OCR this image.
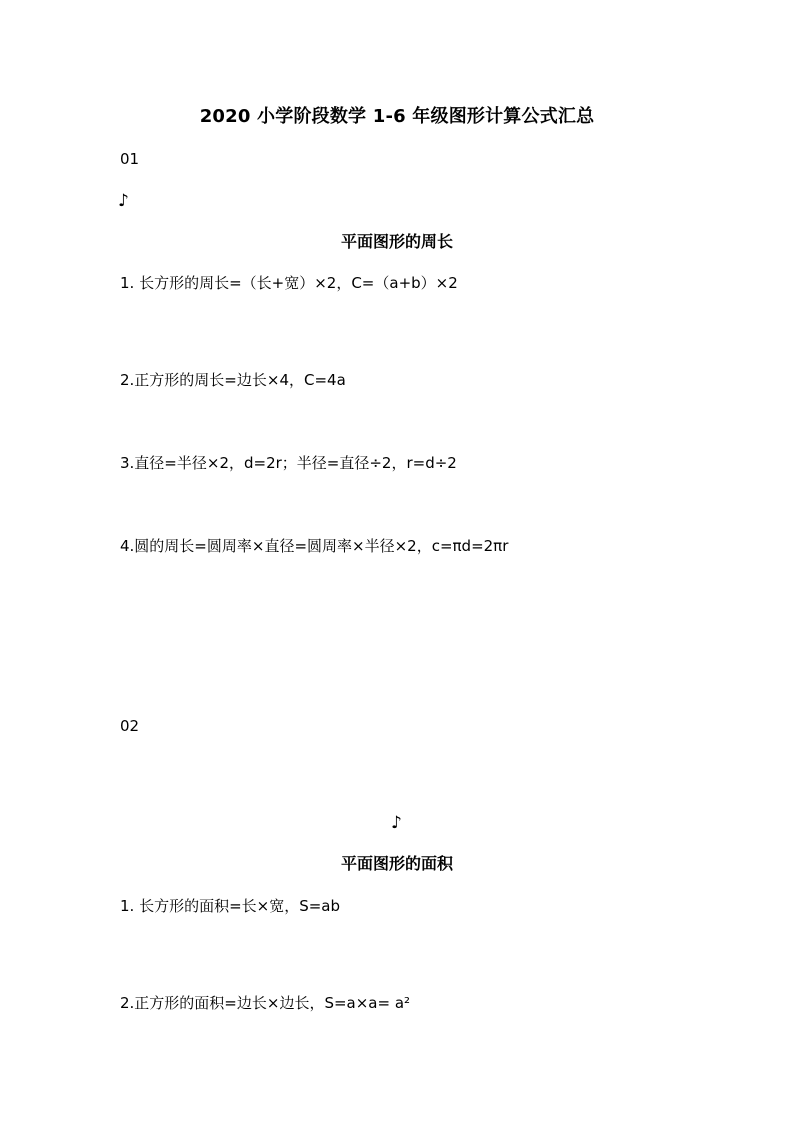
2020 小学阶段数学 1-6 年级图形计算公式汇总
01
♪
平面图形的周长
1. 长方形的周长=（长+宽）×2，C=（a+b）×2
2.正方形的周长=边长×4，C=4a
3.直径=半径×2，d=2r；半径=直径÷2，r=d÷2
4.圆的周长=圆周率×直径=圆周率×半径×2，c=πd=2πr
02
♪
平面图形的面积
1. 长方形的面积=长×宽，S=ab
2.正方形的面积=边长×边长，S=a×a= a²
